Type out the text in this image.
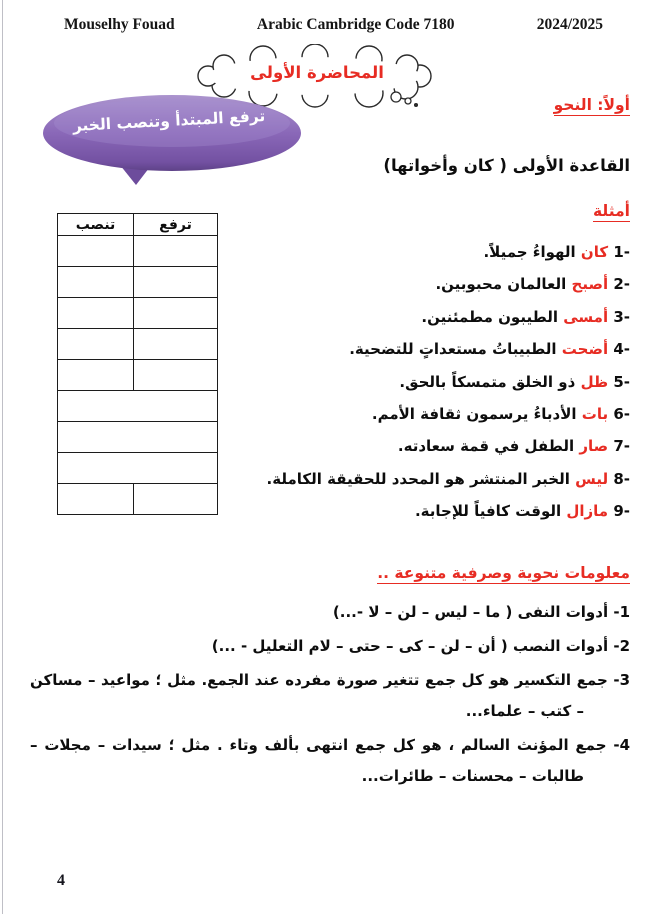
Mouselhy Fouad	Arabic Cambridge Code 7180	2024/2025
المحاضرة الأولى
أولاً: النحو
ترفع المبتدأ وتنصب الخبر
القاعدة الأولى ( كان وأخواتها)
أمثلة
1- كان الهواءُ جميلاً.
2- أصبح العالمان محبوبين.
3- أمسى الطيبون مطمئنين.
4- أضحت الطبيباتُ مستعداتٍ للتضحية.
5- ظل ذو الخلق متمسكاً بالحق.
6- بات الأدباءُ يرسمون ثقافة الأمم.
7- صار الطفل في قمة سعادته.
8- ليس الخبر المنتشر هو المحدد للحقيقة الكاملة.
9- مازال الوقت كافياً للإجابة.
ترفع	تنصب

معلومات نحوية وصرفية متنوعة ..

1- أدوات النفى ( ما – ليس – لن – لا -...)

2- أدوات النصب ( أن – لن – كى – حتى – لام التعليل - ...)

3- جمع التكسير هو كل جمع تتغير صورة مفرده عند الجمع. مثل ؛ مواعيد – مساكن – كتب – علماء...

4- جمع المؤنث السالم ، هو كل جمع انتهى بألف وتاء . مثل ؛ سيدات – مجلات – طالبات – محسنات – طائرات...

4
